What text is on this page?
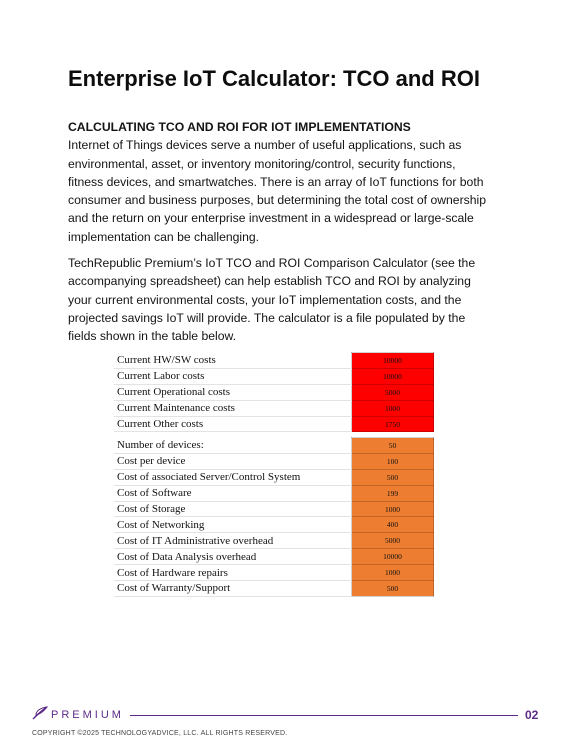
Enterprise IoT Calculator: TCO and ROI

CALCULATING TCO AND ROI FOR IOT IMPLEMENTATIONS

Internet of Things devices serve a number of useful applications, such as environmental, asset, or inventory monitoring/control, security functions, fitness devices, and smartwatches. There is an array of IoT functions for both consumer and business purposes, but determining the total cost of ownership and the return on your enterprise investment in a widespread or large-scale implementation can be challenging.

TechRepublic Premium’s IoT TCO and ROI Comparison Calculator (see the accompanying spreadsheet) can help establish TCO and ROI by analyzing your current environmental costs, your IoT implementation costs, and the projected savings IoT will provide. The calculator is a file populated by the fields shown in the table below.

Current HW/SW costs	10000
Current Labor costs	10000
Current Operational costs	5000
Current Maintenance costs	1000
Current Other costs	1750
Number of devices:	50
Cost per device	100
Cost of associated Server/Control System	500
Cost of Software	199
Cost of Storage	1000
Cost of Networking	400
Cost of IT Administrative overhead	5000
Cost of Data Analysis overhead	10000
Cost of Hardware repairs	1000
Cost of Warranty/Support	500
PREMIUM	02
COPYRIGHT ©2025 TECHNOLOGYADVICE, LLC. ALL RIGHTS RESERVED.
